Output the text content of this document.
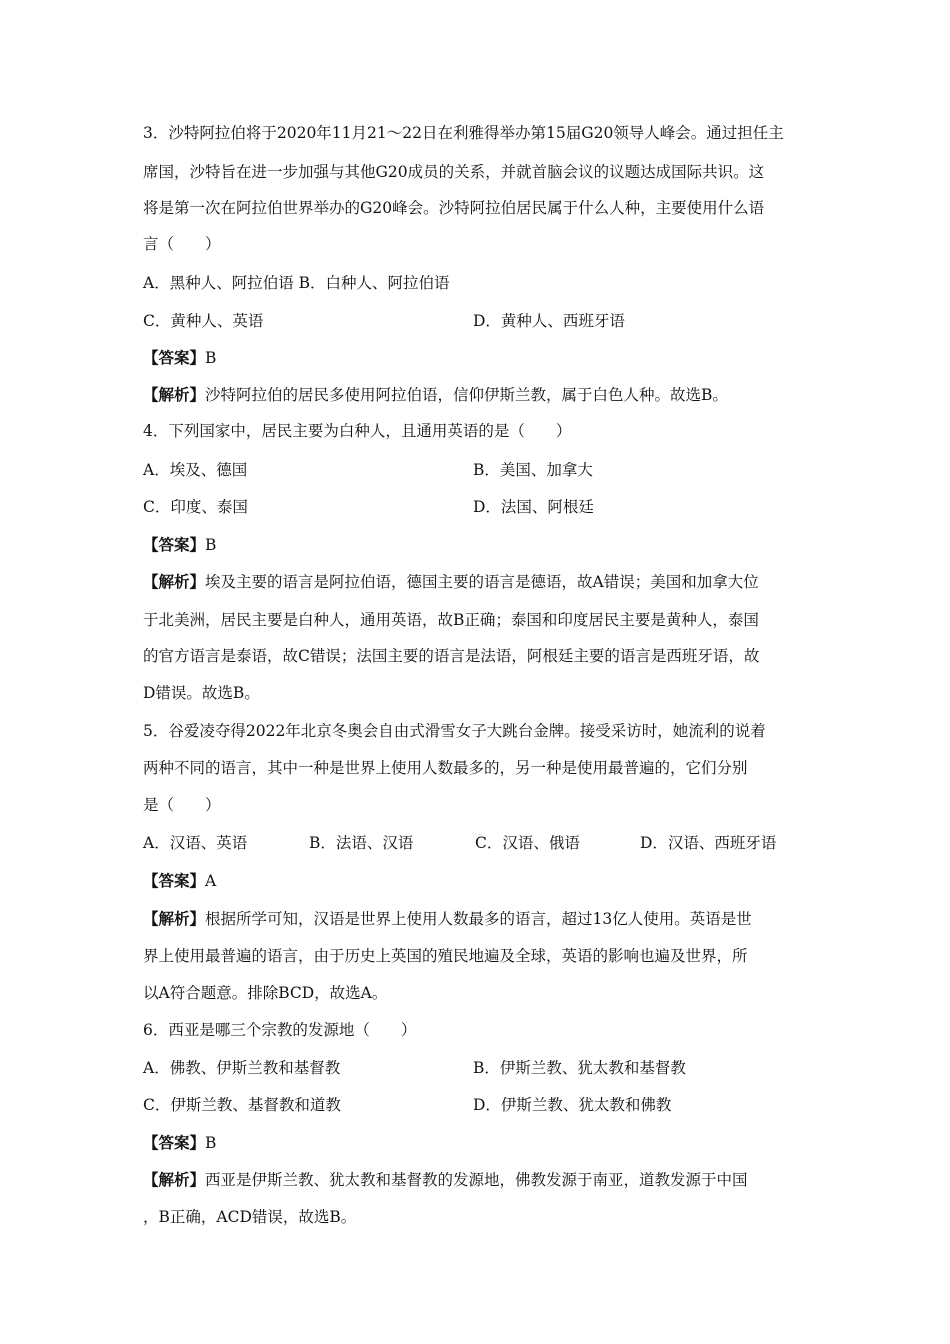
3．沙特阿拉伯将于2020年11月21～22日在利雅得举办第15届G20领导人峰会。通过担任主
席国，沙特旨在进一步加强与其他G20成员的关系，并就首脑会议的议题达成国际共识。这
将是第一次在阿拉伯世界举办的G20峰会。沙特阿拉伯居民属于什么人种，主要使用什么语
言（　　）
A．黑种人、阿拉伯语 B．白种人、阿拉伯语
C．黄种人、英语	D．黄种人、西班牙语
【答案】B
【解析】沙特阿拉伯的居民多使用阿拉伯语，信仰伊斯兰教，属于白色人种。故选B。
4．下列国家中，居民主要为白种人，且通用英语的是（　　）
A．埃及、德国	B．美国、加拿大
C．印度、泰国	D．法国、阿根廷
【答案】B
【解析】埃及主要的语言是阿拉伯语，德国主要的语言是德语，故A错误；美国和加拿大位
于北美洲，居民主要是白种人，通用英语，故B正确；泰国和印度居民主要是黄种人，泰国
的官方语言是泰语，故C错误；法国主要的语言是法语，阿根廷主要的语言是西班牙语，故
D错误。故选B。
5．谷爱凌夺得2022年北京冬奥会自由式滑雪女子大跳台金牌。接受采访时，她流利的说着
两种不同的语言，其中一种是世界上使用人数最多的，另一种是使用最普遍的，它们分别
是（　　）
A．汉语、英语	B．法语、汉语	C．汉语、俄语	D．汉语、西班牙语
【答案】A
【解析】根据所学可知，汉语是世界上使用人数最多的语言，超过13亿人使用。英语是世
界上使用最普遍的语言，由于历史上英国的殖民地遍及全球，英语的影响也遍及世界，所
以A符合题意。排除BCD，故选A。
6．西亚是哪三个宗教的发源地（　　）
A．佛教、伊斯兰教和基督教	B．伊斯兰教、犹太教和基督教
C．伊斯兰教、基督教和道教	D．伊斯兰教、犹太教和佛教
【答案】B
【解析】西亚是伊斯兰教、犹太教和基督教的发源地，佛教发源于南亚，道教发源于中国
，B正确，ACD错误，故选B。
